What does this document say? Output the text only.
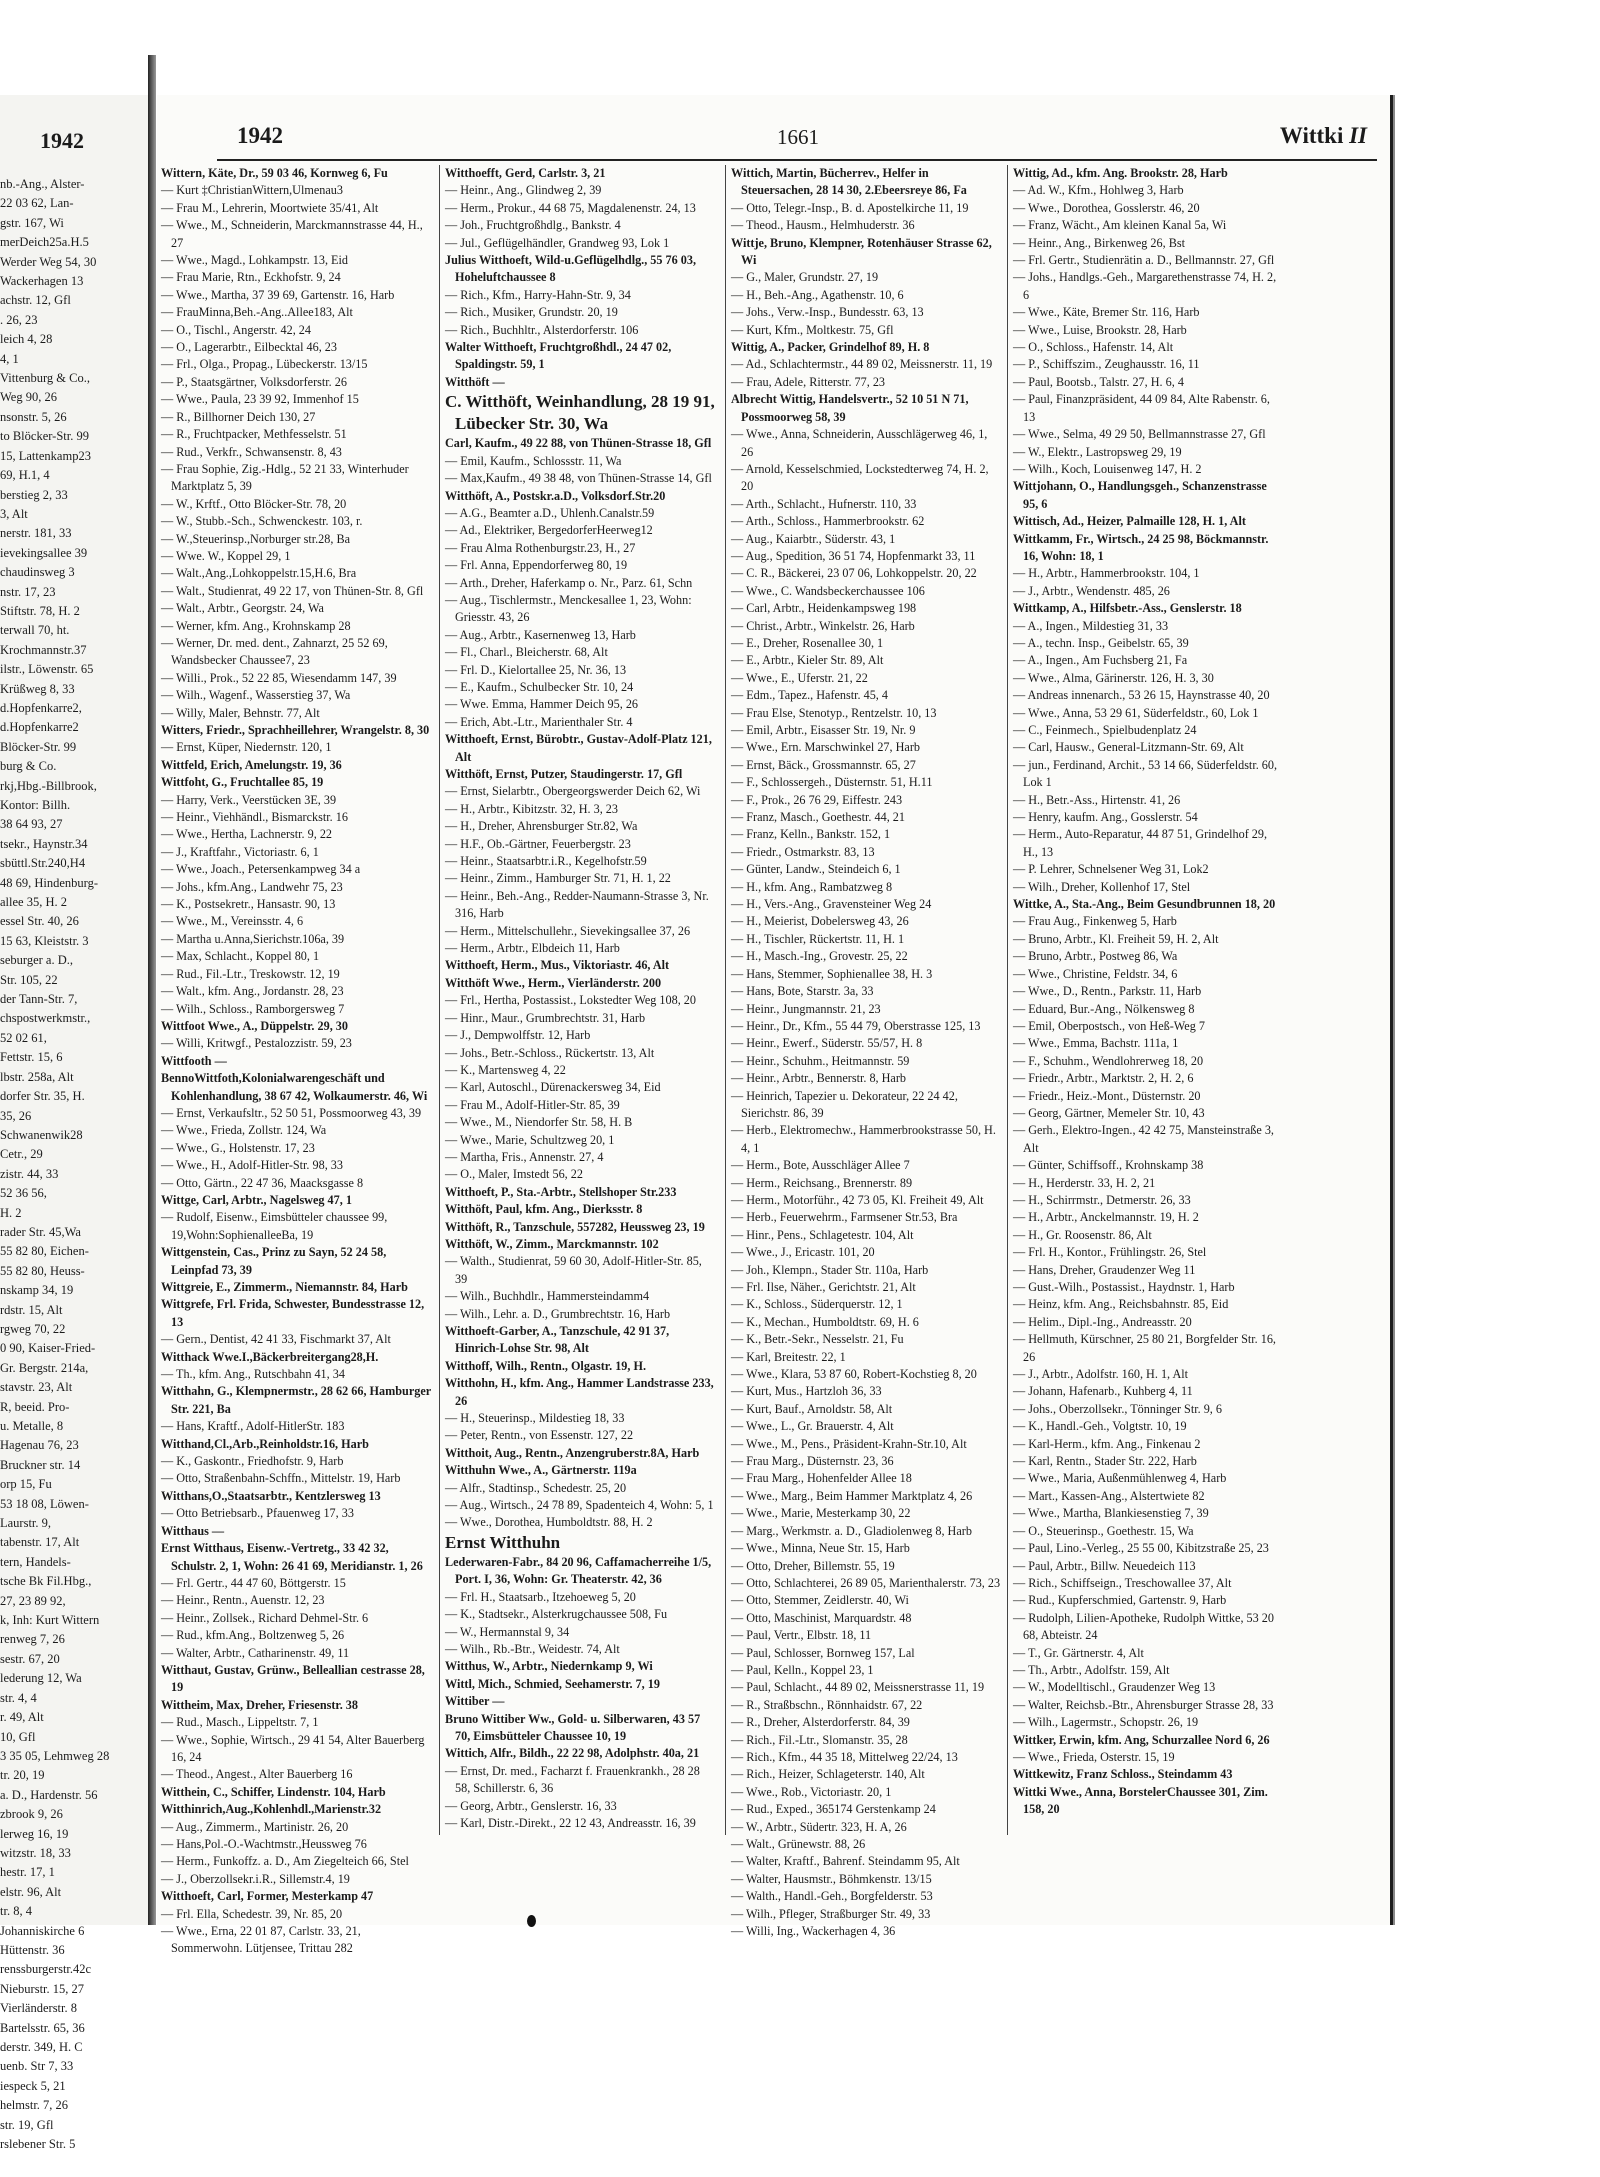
1942
nb.-Ang., Alster-
22 03 62, Lan-
gstr. 167, Wi
merDeich25a.H.5
Werder Weg 54, 30
Wackerhagen 13
achstr. 12, Gfl
. 26, 23
leich 4, 28
4, 1
Vittenburg & Co.,
Weg 90, 26
nsonstr. 5, 26
to Blöcker-Str. 99
15, Lattenkamp23
69, H.1, 4
berstieg 2, 33
3, Alt
nerstr. 181, 33
ievekingsallee 39
chaudinsweg 3
nstr. 17, 23
Stiftstr. 78, H. 2
terwall 70, ht.
Krochmannstr.37
ilstr., Löwenstr. 65
Krüßweg 8, 33
d.Hopfenkarre2,
d.Hopfenkarre2
Blöcker-Str. 99
burg & Co.
rkj,Hbg.-Billbrook,
Kontor: Billh.
38 64 93, 27
tsekr., Haynstr.34
sbüttl.Str.240,H4
48 69, Hindenburg-
allee 35, H. 2
essel Str. 40, 26
15 63, Kleiststr. 3
seburger a. D.,
Str. 105, 22
der Tann-Str. 7,
chspostwerkmstr.,
52 02 61,
Fettstr. 15, 6
lbstr. 258a, Alt
dorfer Str. 35, H.
35, 26
Schwanenwik28
Cetr., 29
zistr. 44, 33
52 36 56,
H. 2
rader Str. 45,Wa
55 82 80, Eichen-
55 82 80, Heuss-
nskamp 34, 19
rdstr. 15, Alt
rgweg 70, 22
0 90, Kaiser-Fried-
Gr. Bergstr. 214a,
stavstr. 23, Alt
R, beeid. Pro-
u. Metalle, 8
Hagenau 76, 23
Bruckner str. 14
orp 15, Fu
53 18 08, Löwen-
Laurstr. 9,
tabenstr. 17, Alt
tern, Handels-
tsche Bk Fil.Hbg.,
27, 23 89 92,
k, Inh: Kurt Wittern
renweg 7, 26
sestr. 67, 20
lederung 12, Wa
str. 4, 4
r. 49, Alt
10, Gfl
3 35 05, Lehmweg 28
tr. 20, 19
a. D., Hardenstr. 56
zbrook 9, 26
lerweg 16, 19
witzstr. 18, 33
hestr. 17, 1
elstr. 96, Alt
tr. 8, 4
Johanniskirche 6
Hüttenstr. 36
renssburgerstr.42c
Nieburstr. 15, 27
Vierländerstr. 8
Bartelsstr. 65, 36
derstr. 349, H. C
uenb. Str 7, 33
iespeck 5, 21
helmstr. 7, 26
str. 19, Gfl
rslebener Str. 5
1942	1661	Wittki II

Wittern, Käte, Dr., 59 03 46, Kornweg 6, Fu

— Kurt ‡ChristianWittern,Ulmenau3

— Frau M., Lehrerin, Moortwiete 35/41, Alt

— Wwe., M., Schneiderin, Marckmannstrasse 44, H., 27

— Wwe., Magd., Lohkampstr. 13, Eid

— Frau Marie, Rtn., Eckhofstr. 9, 24

— Wwe., Martha, 37 39 69, Gartenstr. 16, Harb

— FrauMinna,Beh.-Ang..Allee183, Alt

— O., Tischl., Angerstr. 42, 24

— O., Lagerarbtr., Eilbecktal 46, 23

— Frl., Olga., Propag., Lübeckerstr. 13/15

— P., Staatsgärtner, Volksdorferstr. 26

— Wwe., Paula, 23 39 92, Immenhof 15

— R., Billhorner Deich 130, 27

— R., Fruchtpacker, Methfesselstr. 51

— Rud., Verkfr., Schwansenstr. 8, 43

— Frau Sophie, Zig.-Hdlg., 52 21 33, Winterhuder Marktplatz 5, 39

— W., Krftf., Otto Blöcker-Str. 78, 20

— W., Stubb.-Sch., Schwenckestr. 103, r.

— W.,Steuerinsp.,Norburger str.28, Ba

— Wwe. W., Koppel 29, 1

— Walt.,Ang.,Lohkoppelstr.15,H.6, Bra

— Walt., Studienrat, 49 22 17, von Thünen-Str. 8, Gfl

— Walt., Arbtr., Georgstr. 24, Wa

— Werner, kfm. Ang., Krohnskamp 28

— Werner, Dr. med. dent., Zahnarzt, 25 52 69, Wandsbecker Chaussee7, 23

— Willi., Prok., 52 22 85, Wiesendamm 147, 39

— Wilh., Wagenf., Wasserstieg 37, Wa

— Willy, Maler, Behnstr. 77, Alt

Witters, Friedr., Sprachheillehrer, Wrangelstr. 8, 30

— Ernst, Küper, Niedernstr. 120, 1

Wittfeld, Erich, Amelungstr. 19, 36

Wittfoht, G., Fruchtallee 85, 19

— Harry, Verk., Veerstücken 3E, 39

— Heinr., Viehhändl., Bismarckstr. 16

— Wwe., Hertha, Lachnerstr. 9, 22

— J., Kraftfahr., Victoriastr. 6, 1

— Wwe., Joach., Petersenkampweg 34 a

— Johs., kfm.Ang., Landwehr 75, 23

— K., Postsekretr., Hansastr. 90, 13

— Wwe., M., Vereinsstr. 4, 6

— Martha u.Anna,Sierichstr.106a, 39

— Max, Schlacht., Koppel 80, 1

— Rud., Fil.-Ltr., Treskowstr. 12, 19

— Walt., kfm. Ang., Jordanstr. 28, 23

— Wilh., Schloss., Ramborgersweg 7

Wittfoot Wwe., A., Düppelstr. 29, 30

— Willi, Kritwgf., Pestalozzistr. 59, 23

Wittfooth —

BennoWittfoth,Kolonialwarengeschäft und Kohlenhandlung, 38 67 42, Wolkaumerstr. 46, Wi

— Ernst, Verkaufsltr., 52 50 51, Possmoorweg 43, 39

— Wwe., Frieda, Zollstr. 124, Wa

— Wwe., G., Holstenstr. 17, 23

— Wwe., H., Adolf-Hitler-Str. 98, 33

— Otto, Gärtn., 22 47 36, Maacksgasse 8

Wittge, Carl, Arbtr., Nagelsweg 47, 1

— Rudolf, Eisenw., Eimsbütteler chaussee 99, 19,Wohn:SophienalleeBa, 19

Wittgenstein, Cas., Prinz zu Sayn, 52 24 58, Leinpfad 73, 39

Wittgreie, E., Zimmerm., Niemannstr. 84, Harb

Wittgrefe, Frl. Frida, Schwester, Bundesstrasse 12, 13

— Gern., Dentist, 42 41 33, Fischmarkt 37, Alt

Witthack Wwe.I.,Bäckerbreitergang28,H.

— Th., kfm. Ang., Rutschbahn 41, 34

Witthahn, G., Klempnermstr., 28 62 66, Hamburger Str. 221, Ba

— Hans, Kraftf., Adolf-HitlerStr. 183

Witthand,Cl.,Arb.,Reinholdstr.16, Harb

— K., Gaskontr., Friedhofstr. 9, Harb

— Otto, Straßenbahn-Schffn., Mittelstr. 19, Harb

Witthans,O.,Staatsarbtr., Kentzlersweg 13

— Otto Betriebsarb., Pfauenweg 17, 33

Witthaus —

Ernst Witthaus, Eisenw.-Vertretg., 33 42 32, Schulstr. 2, 1, Wohn: 26 41 69, Meridianstr. 1, 26

— Frl. Gertr., 44 47 60, Böttgerstr. 15

— Heinr., Rentn., Auenstr. 12, 23

— Heinr., Zollsek., Richard Dehmel-Str. 6

— Rud., kfm.Ang., Boltzenweg 5, 26

— Walter, Arbtr., Catharinenstr. 49, 11

Witthaut, Gustav, Grünw., Belleallian cestrasse 28, 19

Wittheim, Max, Dreher, Friesenstr. 38

— Rud., Masch., Lippeltstr. 7, 1

— Wwe., Sophie, Wirtsch., 29 41 54, Alter Bauerberg 16, 24

— Theod., Angest., Alter Bauerberg 16

Witthein, C., Schiffer, Lindenstr. 104, Harb

Witthinrich,Aug.,Kohlenhdl.,Marienstr.32

— Aug., Zimmerm., Martinistr. 26, 20

— Hans,Pol.-O.-Wachtmstr.,Heussweg 76

— Herm., Funkoffz. a. D., Am Ziegelteich 66, Stel

— J., Oberzollsekr.i.R., Sillemstr.4, 19

Witthoeft, Carl, Former, Mesterkamp 47

— Frl. Ella, Schedestr. 39, Nr. 85, 20

— Wwe., Erna, 22 01 87, Carlstr. 33, 21, Sommerwohn. Lütjensee, Trittau 282

Witthoefft, Gerd, Carlstr. 3, 21

— Heinr., Ang., Glindweg 2, 39

— Herm., Prokur., 44 68 75, Magdalenenstr. 24, 13

— Joh., Fruchtgroßhdlg., Bankstr. 4

— Jul., Geflügelhändler, Grandweg 93, Lok 1

Julius Witthoeft, Wild-u.Geflügelhdlg., 55 76 03, Hoheluftchaussee 8

— Rich., Kfm., Harry-Hahn-Str. 9, 34

— Rich., Musiker, Grundstr. 20, 19

— Rich., Buchhltr., Alsterdorferstr. 106

Walter Witthoeft, Fruchtgroßhdl., 24 47 02, Spaldingstr. 59, 1

Witthöft —

C. Witthöft, Weinhandlung, 28 19 91, Lübecker Str. 30, Wa

Carl, Kaufm., 49 22 88, von Thünen-Strasse 18, Gfl

— Emil, Kaufm., Schlossstr. 11, Wa

— Max,Kaufm., 49 38 48, von Thünen-Strasse 14, Gfl

Witthöft, A., Postskr.a.D., Volksdorf.Str.20

— A.G., Beamter a.D., Uhlenh.Canalstr.59

— Ad., Elektriker, BergedorferHeerweg12

— Frau Alma Rothenburgstr.23, H., 27

— Frl. Anna, Eppendorferweg 80, 19

— Arth., Dreher, Haferkamp o. Nr., Parz. 61, Schn

— Aug., Tischlermstr., Menckesallee 1, 23, Wohn: Griesstr. 43, 26

— Aug., Arbtr., Kasernenweg 13, Harb

— Fl., Charl., Bleicherstr. 68, Alt

— Frl. D., Kielortallee 25, Nr. 36, 13

— E., Kaufm., Schulbecker Str. 10, 24

— Wwe. Emma, Hammer Deich 95, 26

— Erich, Abt.-Ltr., Marienthaler Str. 4

Witthoeft, Ernst, Bürobtr., Gustav-Adolf-Platz 121, Alt

Witthöft, Ernst, Putzer, Staudingerstr. 17, Gfl

— Ernst, Sielarbtr., Obergeorgswerder Deich 62, Wi

— H., Arbtr., Kibitzstr. 32, H. 3, 23

— H., Dreher, Ahrensburger Str.82, Wa

— H.F., Ob.-Gärtner, Feuerbergstr. 23

— Heinr., Staatsarbtr.i.R., Kegelhofstr.59

— Heinr., Zimm., Hamburger Str. 71, H. 1, 22

— Heinr., Beh.-Ang., Redder-Naumann-Strasse 3, Nr. 316, Harb

— Herm., Mittelschullehr., Sievekingsallee 37, 26

— Herm., Arbtr., Elbdeich 11, Harb

Witthoeft, Herm., Mus., Viktoriastr. 46, Alt

Witthöft Wwe., Herm., Vierländerstr. 200

— Frl., Hertha, Postassist., Lokstedter Weg 108, 20

— Hinr., Maur., Grumbrechtstr. 31, Harb

— J., Dempwolffstr. 12, Harb

— Johs., Betr.-Schloss., Rückertstr. 13, Alt

— K., Martensweg 4, 22

— Karl, Autoschl., Dürenackersweg 34, Eid

— Frau M., Adolf-Hitler-Str. 85, 39

— Wwe., M., Niendorfer Str. 58, H. B

— Wwe., Marie, Schultzweg 20, 1

— Martha, Fris., Annenstr. 27, 4

— O., Maler, Imstedt 56, 22

Witthoeft, P., Sta.-Arbtr., Stellshoper Str.233

Witthöft, Paul, kfm. Ang., Dierksstr. 8

Witthöft, R., Tanzschule, 557282, Heussweg 23, 19

Witthöft, W., Zimm., Marckmannstr. 102

— Walth., Studienrat, 59 60 30, Adolf-Hitler-Str. 85, 39

— Wilh., Buchhdlr., Hammersteindamm4

— Wilh., Lehr. a. D., Grumbrechtstr. 16, Harb

Witthoeft-Garber, A., Tanzschule, 42 91 37, Hinrich-Lohse Str. 98, Alt

Witthoff, Wilh., Rentn., Olgastr. 19, H.

Witthohn, H., kfm. Ang., Hammer Landstrasse 233, 26

— H., Steuerinsp., Mildestieg 18, 33

— Peter, Rentn., von Essenstr. 127, 22

Witthoit, Aug., Rentn., Anzengruberstr.8A, Harb

Witthuhn Wwe., A., Gärtnerstr. 119a

— Alfr., Stadtinsp., Schedestr. 25, 20

— Aug., Wirtsch., 24 78 89, Spadenteich 4, Wohn: 5, 1

— Wwe., Dorothea, Humboldtstr. 88, H. 2

Ernst Witthuhn

Lederwaren-Fabr., 84 20 96, Caffamacherreihe 1/5, Port. I, 36, Wohn: Gr. Theaterstr. 42, 36

— Frl. H., Staatsarb., Itzehoeweg 5, 20

— K., Stadtsekr., Alsterkrugchaussee 508, Fu

— W., Hermannstal 9, 34

— Wilh., Rb.-Btr., Weidestr. 74, Alt

Witthus, W., Arbtr., Niedernkamp 9, Wi

Wittl, Mich., Schmied, Seehamerstr. 7, 19

Wittiber —

Bruno Wittiber Ww., Gold- u. Silberwaren, 43 57 70, Eimsbütteler Chaussee 10, 19

Wittich, Alfr., Bildh., 22 22 98, Adolphstr. 40a, 21

— Ernst, Dr. med., Facharzt f. Frauenkrankh., 28 28 58, Schillerstr. 6, 36

— Georg, Arbtr., Genslerstr. 16, 33

— Karl, Distr.-Direkt., 22 12 43, Andreasstr. 16, 39

Wittich, Martin, Bücherrev., Helfer in Steuersachen, 28 14 30, 2.Ebeersreye 86, Fa

— Otto, Telegr.-Insp., B. d. Apostelkirche 11, 19

— Theod., Hausm., Helmhuderstr. 36

Wittje, Bruno, Klempner, Rotenhäuser Strasse 62, Wi

— G., Maler, Grundstr. 27, 19

— H., Beh.-Ang., Agathenstr. 10, 6

— Johs., Verw.-Insp., Bundesstr. 63, 13

— Kurt, Kfm., Moltkestr. 75, Gfl

Wittig, A., Packer, Grindelhof 89, H. 8

— Ad., Schlachtermstr., 44 89 02, Meissnerstr. 11, 19

— Frau, Adele, Ritterstr. 77, 23

Albrecht Wittig, Handelsvertr., 52 10 51 N 71, Possmoorweg 58, 39

— Wwe., Anna, Schneiderin, Ausschlägerweg 46, 1, 26

— Arnold, Kesselschmied, Lockstedterweg 74, H. 2, 20

— Arth., Schlacht., Hufnerstr. 110, 33

— Arth., Schloss., Hammerbrookstr. 62

— Aug., Kaiarbtr., Süderstr. 43, 1

— Aug., Spedition, 36 51 74, Hopfenmarkt 33, 11

— C. R., Bäckerei, 23 07 06, Lohkoppelstr. 20, 22

— Wwe., C. Wandsbeckerchaussee 106

— Carl, Arbtr., Heidenkampsweg 198

— Christ., Arbtr., Winkelstr. 26, Harb

— E., Dreher, Rosenallee 30, 1

— E., Arbtr., Kieler Str. 89, Alt

— Wwe., E., Uferstr. 21, 22

— Edm., Tapez., Hafenstr. 45, 4

— Frau Else, Stenotyp., Rentzelstr. 10, 13

— Emil, Arbtr., Eisasser Str. 19, Nr. 9

— Wwe., Ern. Marschwinkel 27, Harb

— Ernst, Bäck., Grossmannstr. 65, 27

— F., Schlossergeh., Düsternstr. 51, H.11

— F., Prok., 26 76 29, Eiffestr. 243

— Franz, Masch., Goethestr. 44, 21

— Franz, Kelln., Bankstr. 152, 1

— Friedr., Ostmarkstr. 83, 13

— Günter, Landw., Steindeich 6, 1

— H., kfm. Ang., Rambatzweg 8

— H., Vers.-Ang., Gravensteiner Weg 24

— H., Meierist, Dobelersweg 43, 26

— H., Tischler, Rückertstr. 11, H. 1

— H., Masch.-Ing., Grovestr. 25, 22

— Hans, Stemmer, Sophienallee 38, H. 3

— Hans, Bote, Starstr. 3a, 33

— Heinr., Jungmannstr. 21, 23

— Heinr., Dr., Kfm., 55 44 79, Oberstrasse 125, 13

— Heinr., Ewerf., Süderstr. 55/57, H. 8

— Heinr., Schuhm., Heitmannstr. 59

— Heinr., Arbtr., Bennerstr. 8, Harb

— Heinrich, Tapezier u. Dekorateur, 22 24 42, Sierichstr. 86, 39

— Herb., Elektromechw., Hammerbrookstrasse 50, H. 4, 1

— Herm., Bote, Ausschläger Allee 7

— Herm., Reichsang., Brennerstr. 89

— Herm., Motorführ., 42 73 05, Kl. Freiheit 49, Alt

— Herb., Feuerwehrm., Farmsener Str.53, Bra

— Hinr., Pens., Schlagetestr. 104, Alt

— Wwe., J., Ericastr. 101, 20

— Joh., Klempn., Stader Str. 110a, Harb

— Frl. Ilse, Näher., Gerichtstr. 21, Alt

— K., Schloss., Süderquerstr. 12, 1

— K., Mechan., Humboldtstr. 69, H. 6

— K., Betr.-Sekr., Nesselstr. 21, Fu

— Karl, Breitestr. 22, 1

— Wwe., Klara, 53 87 60, Robert-Kochstieg 8, 20

— Kurt, Mus., Hartzloh 36, 33

— Kurt, Bauf., Arnoldstr. 58, Alt

— Wwe., L., Gr. Brauerstr. 4, Alt

— Wwe., M., Pens., Präsident-Krahn-Str.10, Alt

— Frau Marg., Düsternstr. 23, 36

— Frau Marg., Hohenfelder Allee 18

— Wwe., Marg., Beim Hammer Marktplatz 4, 26

— Wwe., Marie, Mesterkamp 30, 22

— Marg., Werkmstr. a. D., Gladiolenweg 8, Harb

— Wwe., Minna, Neue Str. 15, Harb

— Otto, Dreher, Billemstr. 55, 19

— Otto, Schlachterei, 26 89 05, Marienthalerstr. 73, 23

— Otto, Stemmer, Zeidlerstr. 40, Wi

— Otto, Maschinist, Marquardstr. 48

— Paul, Vertr., Elbstr. 18, 11

— Paul, Schlosser, Bornweg 157, Lal

— Paul, Kelln., Koppel 23, 1

— Paul, Schlacht., 44 89 02, Meissnerstrasse 11, 19

— R., Straßbschn., Rönnhaidstr. 67, 22

— R., Dreher, Alsterdorferstr. 84, 39

— Rich., Fil.-Ltr., Slomanstr. 35, 28

— Rich., Kfm., 44 35 18, Mittelweg 22/24, 13

— Rich., Heizer, Schlageterstr. 140, Alt

— Wwe., Rob., Victoriastr. 20, 1

— Rud., Exped., 365174 Gerstenkamp 24

— W., Arbtr., Südertr. 323, H. A, 26

— Walt., Grünewstr. 88, 26

— Walter, Kraftf., Bahrenf. Steindamm 95, Alt

— Walter, Hausmstr., Böhmkenstr. 13/15

— Walth., Handl.-Geh., Borgfelderstr. 53

— Wilh., Pfleger, Straßburger Str. 49, 33

— Willi, Ing., Wackerhagen 4, 36

Wittig, Ad., kfm. Ang. Brookstr. 28, Harb

— Ad. W., Kfm., Hohlweg 3, Harb

— Wwe., Dorothea, Gosslerstr. 46, 20

— Franz, Wächt., Am kleinen Kanal 5a, Wi

— Heinr., Ang., Birkenweg 26, Bst

— Frl. Gertr., Studienrätin a. D., Bellmannstr. 27, Gfl

— Johs., Handlgs.-Geh., Margarethenstrasse 74, H. 2, 6

— Wwe., Käte, Bremer Str. 116, Harb

— Wwe., Luise, Brookstr. 28, Harb

— O., Schloss., Hafenstr. 14, Alt

— P., Schiffszim., Zeughausstr. 16, 11

— Paul, Bootsb., Talstr. 27, H. 6, 4

— Paul, Finanzpräsident, 44 09 84, Alte Rabenstr. 6, 13

— Wwe., Selma, 49 29 50, Bellmannstrasse 27, Gfl

— W., Elektr., Lastropsweg 29, 19

— Wilh., Koch, Louisenweg 147, H. 2

Wittjohann, O., Handlungsgeh., Schanzenstrasse 95, 6

Wittisch, Ad., Heizer, Palmaille 128, H. 1, Alt

Wittkamm, Fr., Wirtsch., 24 25 98, Böckmannstr. 16, Wohn: 18, 1

— H., Arbtr., Hammerbrookstr. 104, 1

— J., Arbtr., Wendenstr. 485, 26

Wittkamp, A., Hilfsbetr.-Ass., Genslerstr. 18

— A., Ingen., Mildestieg 31, 33

— A., techn. Insp., Geibelstr. 65, 39

— A., Ingen., Am Fuchsberg 21, Fa

— Wwe., Alma, Gärinerstr. 126, H. 3, 30

— Andreas innenarch., 53 26 15, Haynstrasse 40, 20

— Wwe., Anna, 53 29 61, Süderfeldstr., 60, Lok 1

— C., Feinmech., Spielbudenplatz 24

— Carl, Hausw., General-Litzmann-Str. 69, Alt

— jun., Ferdinand, Archit., 53 14 66, Süderfeldstr. 60, Lok 1

— H., Betr.-Ass., Hirtenstr. 41, 26

— Henry, kaufm. Ang., Gosslerstr. 54

— Herm., Auto-Reparatur, 44 87 51, Grindelhof 29, H., 13

— P. Lehrer, Schnelsener Weg 31, Lok2

— Wilh., Dreher, Kollenhof 17, Stel

Wittke, A., Sta.-Ang., Beim Gesundbrunnen 18, 20

— Frau Aug., Finkenweg 5, Harb

— Bruno, Arbtr., Kl. Freiheit 59, H. 2, Alt

— Bruno, Arbtr., Postweg 86, Wa

— Wwe., Christine, Feldstr. 34, 6

— Wwe., D., Rentn., Parkstr. 11, Harb

— Eduard, Bur.-Ang., Nölkensweg 8

— Emil, Oberpostsch., von Heß-Weg 7

— Wwe., Emma, Bachstr. 111a, 1

— F., Schuhm., Wendlohrerweg 18, 20

— Friedr., Arbtr., Marktstr. 2, H. 2, 6

— Friedr., Heiz.-Mont., Düsternstr. 20

— Georg, Gärtner, Memeler Str. 10, 43

— Gerh., Elektro-Ingen., 42 42 75, Mansteinstraße 3, Alt

— Günter, Schiffsoff., Krohnskamp 38

— H., Herderstr. 33, H. 2, 21

— H., Schirrmstr., Detmerstr. 26, 33

— H., Arbtr., Anckelmannstr. 19, H. 2

— H., Gr. Roosenstr. 86, Alt

— Frl. H., Kontor., Frühlingstr. 26, Stel

— Hans, Dreher, Graudenzer Weg 11

— Gust.-Wilh., Postassist., Haydnstr. 1, Harb

— Heinz, kfm. Ang., Reichsbahnstr. 85, Eid

— Helim., Dipl.-Ing., Andreasstr. 20

— Hellmuth, Kürschner, 25 80 21, Borgfelder Str. 16, 26

— J., Arbtr., Adolfstr. 160, H. 1, Alt

— Johann, Hafenarb., Kuhberg 4, 11

— Johs., Oberzollsekr., Tönninger Str. 9, 6

— K., Handl.-Geh., Volgtstr. 10, 19

— Karl-Herm., kfm. Ang., Finkenau 2

— Karl, Rentn., Stader Str. 222, Harb

— Wwe., Maria, Außenmühlenweg 4, Harb

— Mart., Kassen-Ang., Alstertwiete 82

— Wwe., Martha, Blankiesenstieg 7, 39

— O., Steuerinsp., Goethestr. 15, Wa

— Paul, Lino.-Verleg., 25 55 00, Kibitzstraße 25, 23

— Paul, Arbtr., Billw. Neuedeich 113

— Rich., Schiffseign., Treschowallee 37, Alt

— Rud., Kupferschmied, Gartenstr. 9, Harb

— Rudolph, Lilien-Apotheke, Rudolph Wittke, 53 20 68, Abteistr. 24

— T., Gr. Gärtnerstr. 4, Alt

— Th., Arbtr., Adolfstr. 159, Alt

— W., Modelltischl., Graudenzer Weg 13

— Walter, Reichsb.-Btr., Ahrensburger Strasse 28, 33

— Wilh., Lagermstr., Schopstr. 26, 19

Wittker, Erwin, kfm. Ang, Schurzallee Nord 6, 26

— Wwe., Frieda, Osterstr. 15, 19

Wittkewitz, Franz Schloss., Steindamm 43

Wittki Wwe., Anna, BorstelerChaussee 301, Zim. 158, 20
